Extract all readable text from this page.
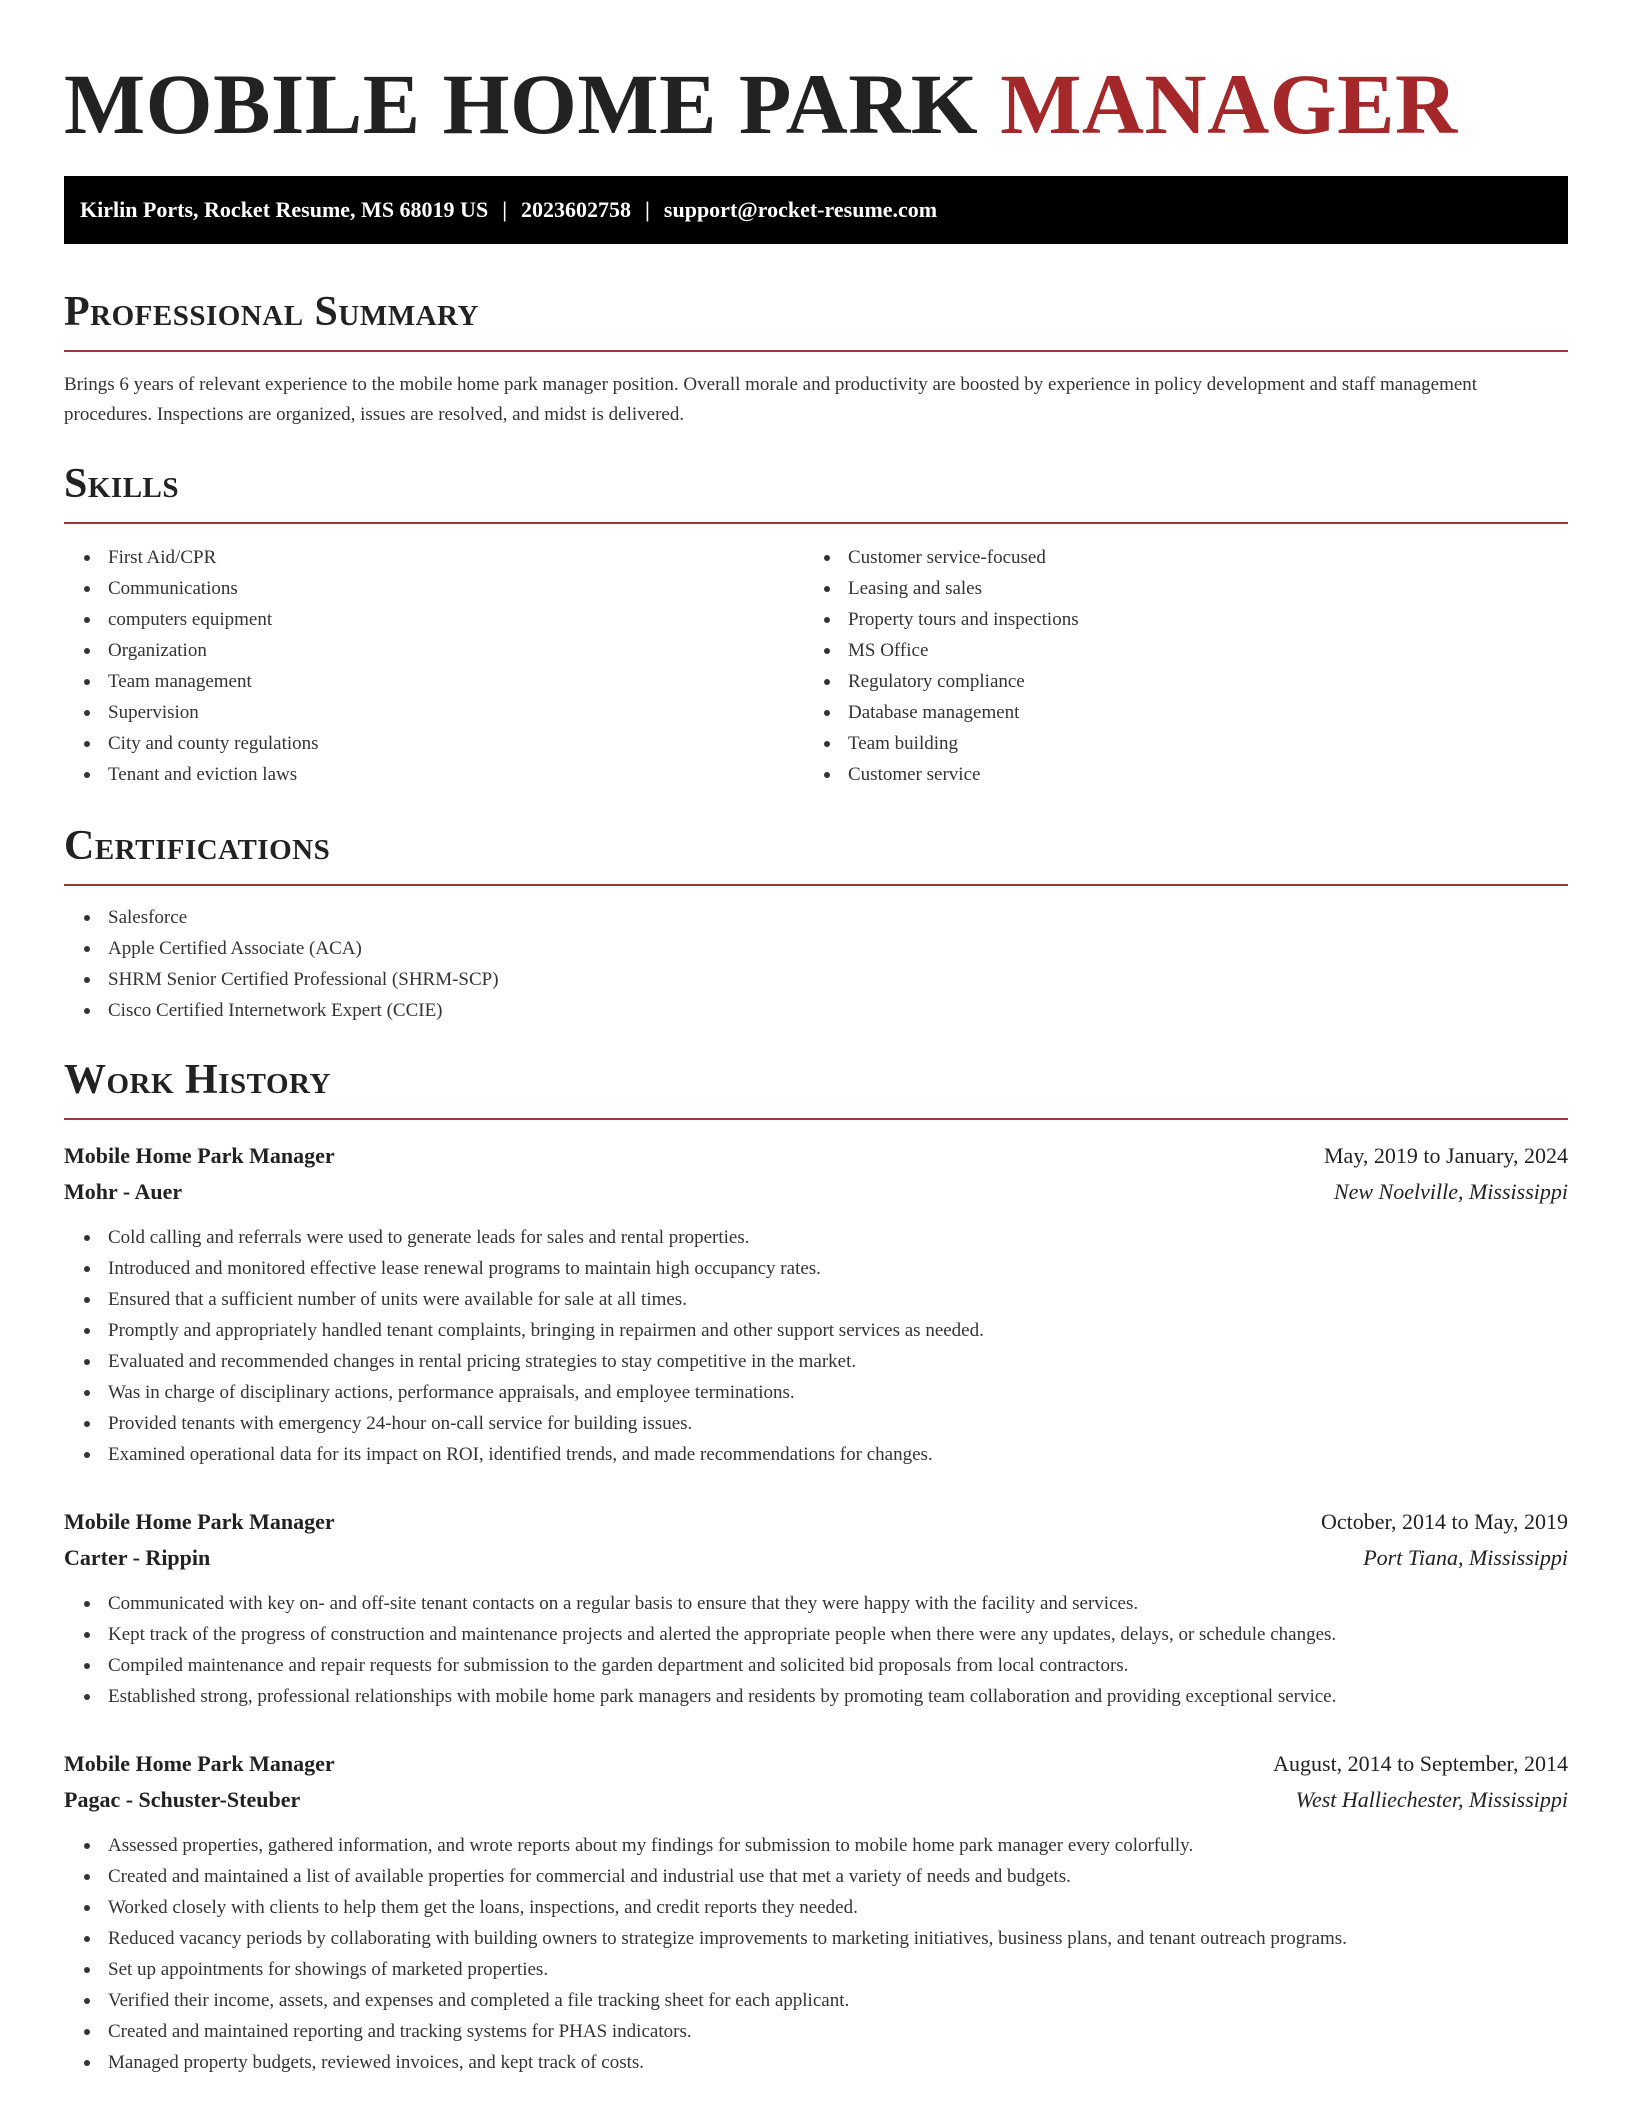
MOBILE HOME PARK MANAGER
Kirlin Ports, Rocket Resume, MS 68019 US | 2023602758 | support@rocket-resume.com
Professional Summary

Brings 6 years of relevant experience to the mobile home park manager position. Overall morale and productivity are boosted by experience in policy development and staff management procedures. Inspections are organized, issues are resolved, and midst is delivered.

Skills
First Aid/CPR
Communications
computers equipment
Organization
Team management
Supervision
City and county regulations
Tenant and eviction laws
Customer service-focused
Leasing and sales
Property tours and inspections
MS Office
Regulatory compliance
Database management
Team building
Customer service
Certifications
Salesforce
Apple Certified Associate (ACA)
SHRM Senior Certified Professional (SHRM-SCP)
Cisco Certified Internetwork Expert (CCIE)
Work History
Mobile Home Park Manager	May, 2019 to January, 2024
Mohr - Auer	New Noelville, Mississippi
Cold calling and referrals were used to generate leads for sales and rental properties.
Introduced and monitored effective lease renewal programs to maintain high occupancy rates.
Ensured that a sufficient number of units were available for sale at all times.
Promptly and appropriately handled tenant complaints, bringing in repairmen and other support services as needed.
Evaluated and recommended changes in rental pricing strategies to stay competitive in the market.
Was in charge of disciplinary actions, performance appraisals, and employee terminations.
Provided tenants with emergency 24-hour on-call service for building issues.
Examined operational data for its impact on ROI, identified trends, and made recommendations for changes.
Mobile Home Park Manager	October, 2014 to May, 2019
Carter - Rippin	Port Tiana, Mississippi
Communicated with key on- and off-site tenant contacts on a regular basis to ensure that they were happy with the facility and services.
Kept track of the progress of construction and maintenance projects and alerted the appropriate people when there were any updates, delays, or schedule changes.
Compiled maintenance and repair requests for submission to the garden department and solicited bid proposals from local contractors.
Established strong, professional relationships with mobile home park managers and residents by promoting team collaboration and providing exceptional service.
Mobile Home Park Manager	August, 2014 to September, 2014
Pagac - Schuster-Steuber	West Halliechester, Mississippi
Assessed properties, gathered information, and wrote reports about my findings for submission to mobile home park manager every colorfully.
Created and maintained a list of available properties for commercial and industrial use that met a variety of needs and budgets.
Worked closely with clients to help them get the loans, inspections, and credit reports they needed.
Reduced vacancy periods by collaborating with building owners to strategize improvements to marketing initiatives, business plans, and tenant outreach programs.
Set up appointments for showings of marketed properties.
Verified their income, assets, and expenses and completed a file tracking sheet for each applicant.
Created and maintained reporting and tracking systems for PHAS indicators.
Managed property budgets, reviewed invoices, and kept track of costs.
